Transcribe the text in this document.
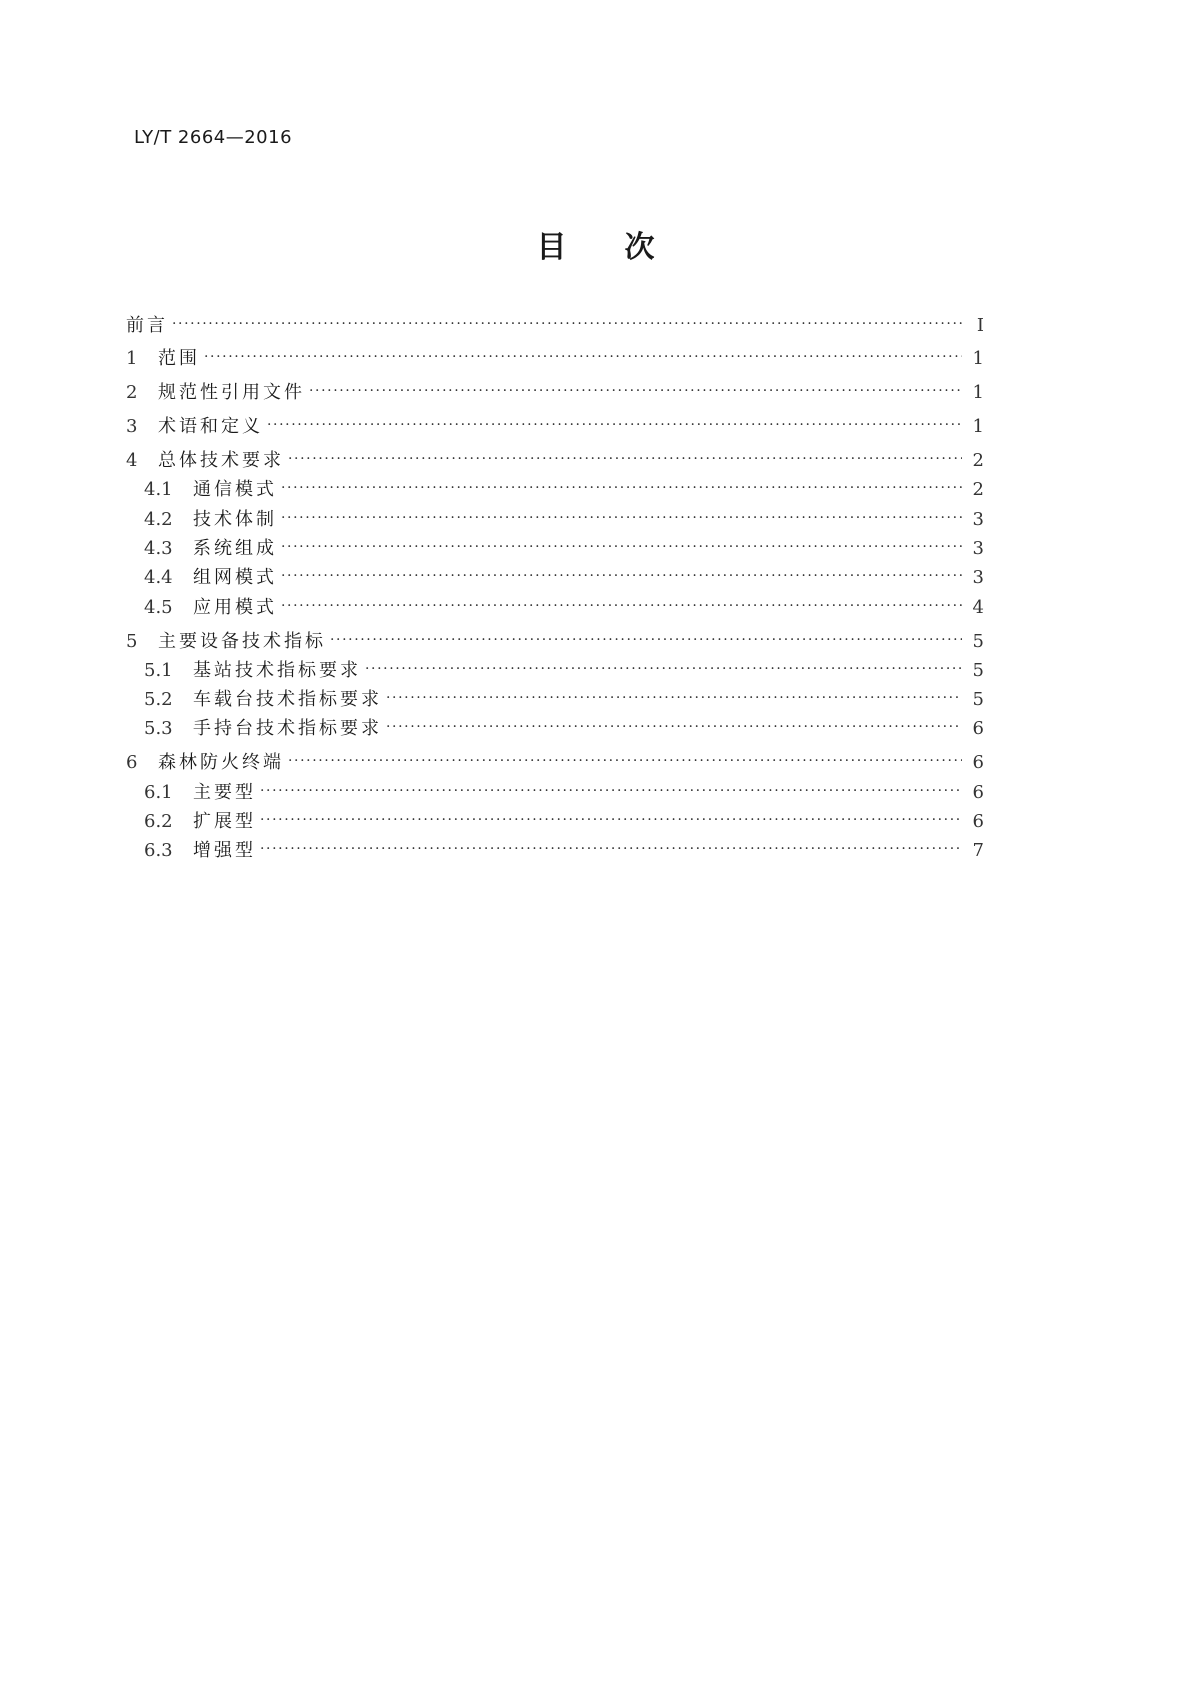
LY/T 2664—2016
目次
前言 ·····	Ⅰ
1	范围 ·····	1
2	规范性引用文件 ·····	1
3	术语和定义 ·····	1
4	总体技术要求 ·····	2
4.1	通信模式 ·····	2
4.2	技术体制 ·····	3
4.3	系统组成 ·····	3
4.4	组网模式 ·····	3
4.5	应用模式 ·····	4
5	主要设备技术指标 ·····	5
5.1	基站技术指标要求 ·····	5
5.2	车载台技术指标要求 ·····	5
5.3	手持台技术指标要求 ·····	6
6	森林防火终端 ·····	6
6.1	主要型 ·····	6
6.2	扩展型 ·····	6
6.3	增强型 ·····	7
